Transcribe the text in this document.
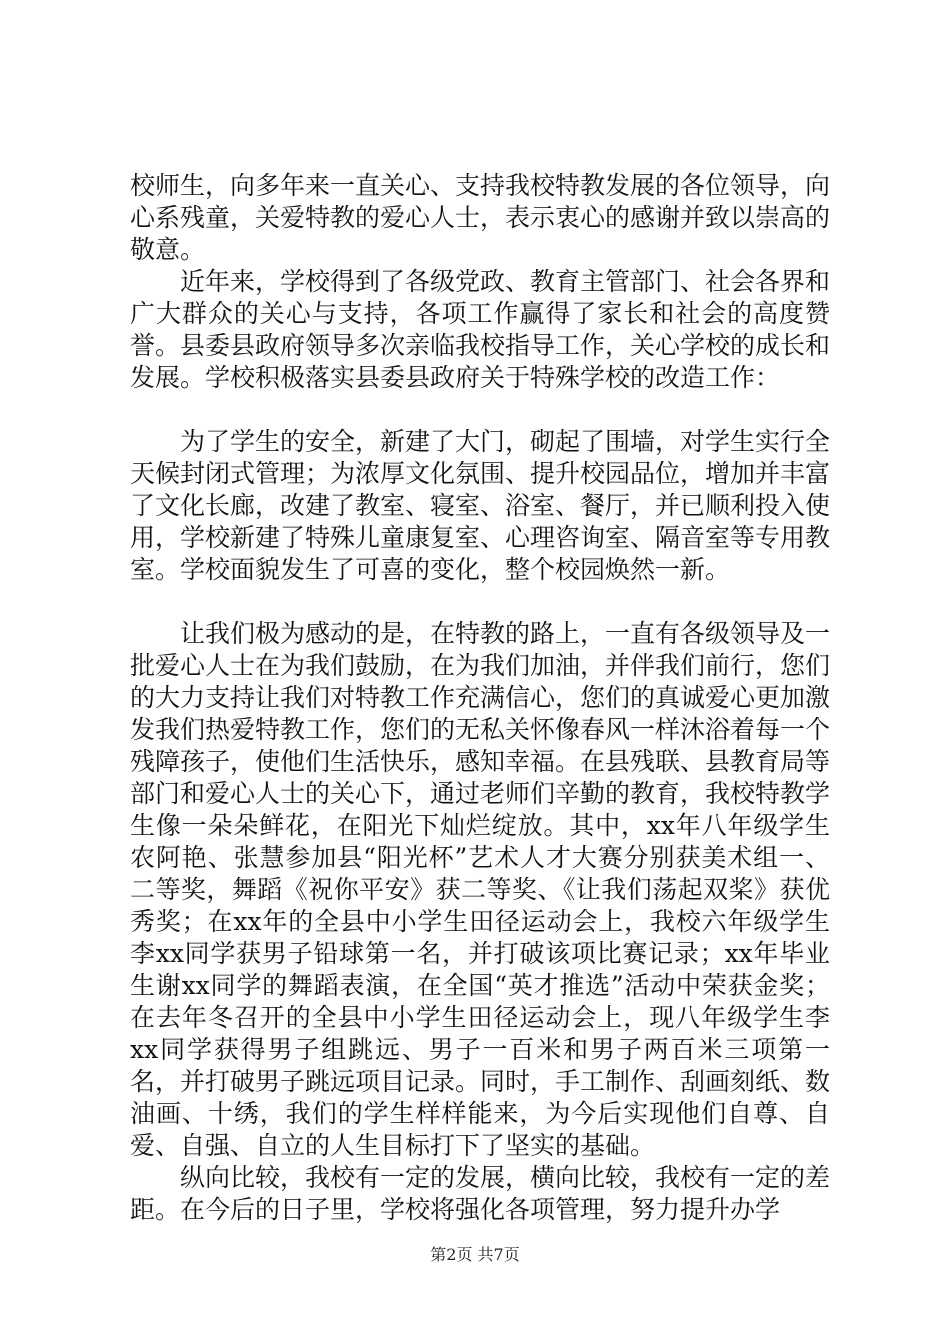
校师生，向多年来一直关心、支持我校特教发展的各位领导，向心系残童，关爱特教的爱心人士，表示衷心的感谢并致以崇高的敬意。

近年来，学校得到了各级党政、教育主管部门、社会各界和广大群众的关心与支持，各项工作赢得了家长和社会的高度赞誉。县委县政府领导多次亲临我校指导工作，关心学校的成长和发展。学校积极落实县委县政府关于特殊学校的改造工作：

为了学生的安全，新建了大门，砌起了围墙，对学生实行全天候封闭式管理；为浓厚文化氛围、提升校园品位，增加并丰富了文化长廊，改建了教室、寝室、浴室、餐厅，并已顺利投入使用，学校新建了特殊儿童康复室、心理咨询室、隔音室等专用教室。学校面貌发生了可喜的变化，整个校园焕然一新。

让我们极为感动的是，在特教的路上，一直有各级领导及一批爱心人士在为我们鼓励，在为我们加油，并伴我们前行，您们的大力支持让我们对特教工作充满信心，您们的真诚爱心更加激发我们热爱特教工作，您们的无私关怀像春风一样沐浴着每一个残障孩子，使他们生活快乐，感知幸福。在县残联、县教育局等部门和爱心人士的关心下，通过老师们辛勤的教育，我校特教学生像一朵朵鲜花，在阳光下灿烂绽放。其中，xx年八年级学生农阿艳、张慧参加县“阳光杯”艺术人才大赛分别获美术组一、二等奖，舞蹈《祝你平安》获二等奖、《让我们荡起双桨》获优秀奖；在xx年的全县中小学生田径运动会上，我校六年级学生李xx同学获男子铅球第一名，并打破该项比赛记录；xx年毕业生谢xx同学的舞蹈表演，在全国“英才推选”活动中荣获金奖；在去年冬召开的全县中小学生田径运动会上，现八年级学生李xx同学获得男子组跳远、男子一百米和男子两百米三项第一名，并打破男子跳远项目记录。同时，手工制作、刮画刻纸、数油画、十绣，我们的学生样样能来，为今后实现他们自尊、自爱、自强、自立的人生目标打下了坚实的基础。

纵向比较，我校有一定的发展，横向比较，我校有一定的差距。在今后的日子里，学校将强化各项管理，努力提升办学

第2页 共7页
